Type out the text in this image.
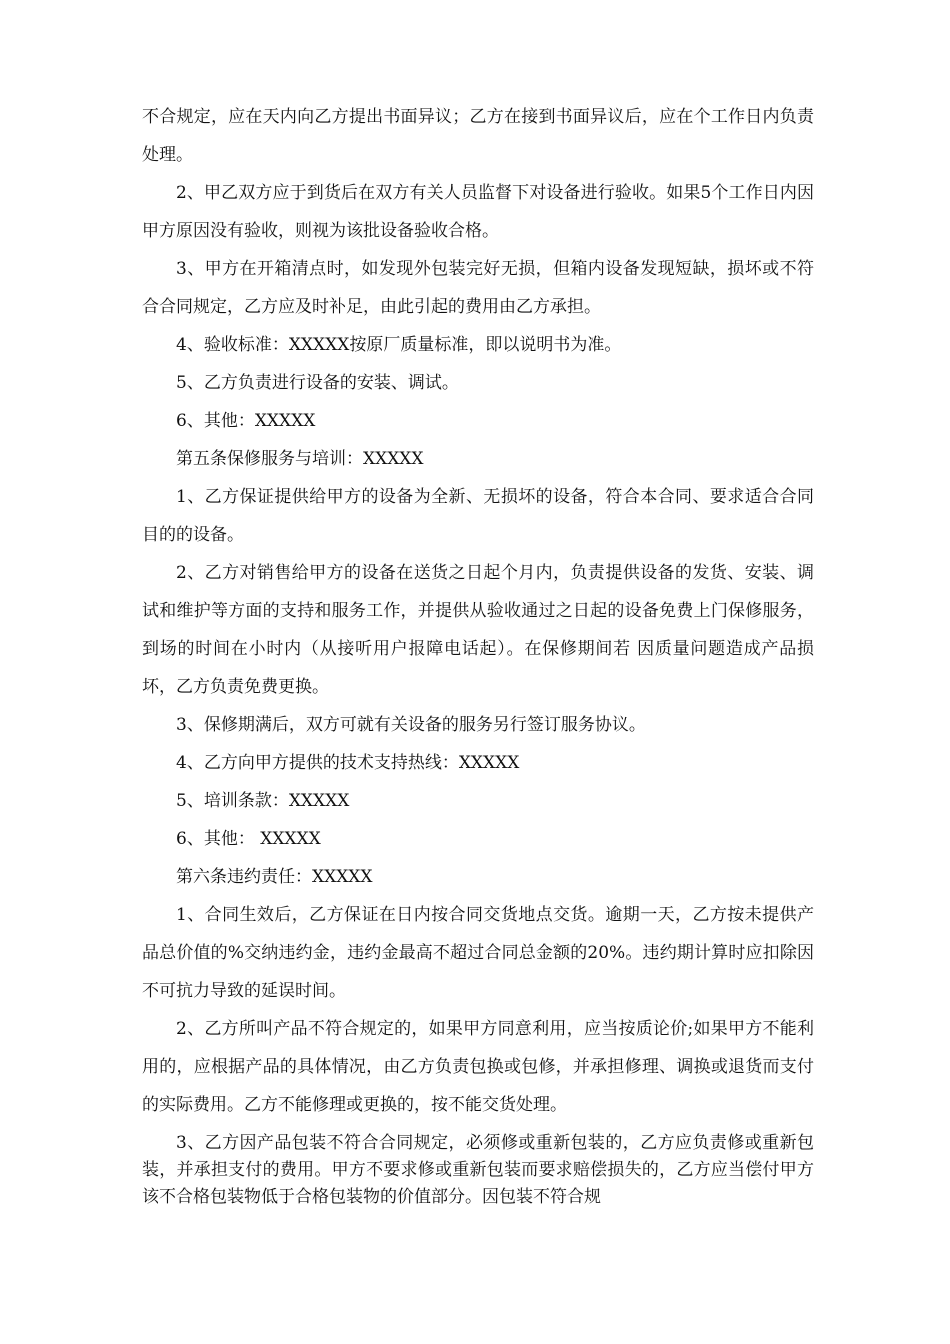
不合规定，应在天内向乙方提出书面异议；乙方在接到书面异议后，应在个工作日内负责处理。

2、甲乙双方应于到货后在双方有关人员监督下对设备进行验收。如果5个工作日内因甲方原因没有验收，则视为该批设备验收合格。

3、甲方在开箱清点时，如发现外包装完好无损，但箱内设备发现短缺，损坏或不符合合同规定，乙方应及时补足，由此引起的费用由乙方承担。

4、验收标准：XXXXX按原厂质量标准，即以说明书为准。

5、乙方负责进行设备的安装、调试。

6、其他：XXXXX

第五条保修服务与培训：XXXXX

1、乙方保证提供给甲方的设备为全新、无损坏的设备，符合本合同、要求适合合同目的的设备。

2、乙方对销售给甲方的设备在送货之日起个月内，负责提供设备的发货、安装、调试和维护等方面的支持和服务工作，并提供从验收通过之日起的设备免费上门保修服务，到场的时间在小时内（从接听用户报障电话起）。在保修期间若 因质量问题造成产品损坏，乙方负责免费更换。

3、保修期满后，双方可就有关设备的服务另行签订服务协议。

4、乙方向甲方提供的技术支持热线：XXXXX

5、培训条款：XXXXX

6、其他： XXXXX

第六条违约责任：XXXXX

1、合同生效后，乙方保证在日内按合同交货地点交货。逾期一天，乙方按未提供产品总价值的%交纳违约金，违约金最高不超过合同总金额的20%。违约期计算时应扣除因不可抗力导致的延误时间。

2、乙方所叫产品不符合规定的，如果甲方同意利用，应当按质论价;如果甲方不能利用的，应根据产品的具体情况，由乙方负责包换或包修，并承担修理、调换或退货而支付的实际费用。乙方不能修理或更换的，按不能交货处理。

3、乙方因产品包装不符合合同规定，必须修或重新包装的，乙方应负责修或重新包装，并承担支付的费用。甲方不要求修或重新包装而要求赔偿损失的，乙方应当偿付甲方该不合格包装物低于合格包装物的价值部分。因包装不符合规
